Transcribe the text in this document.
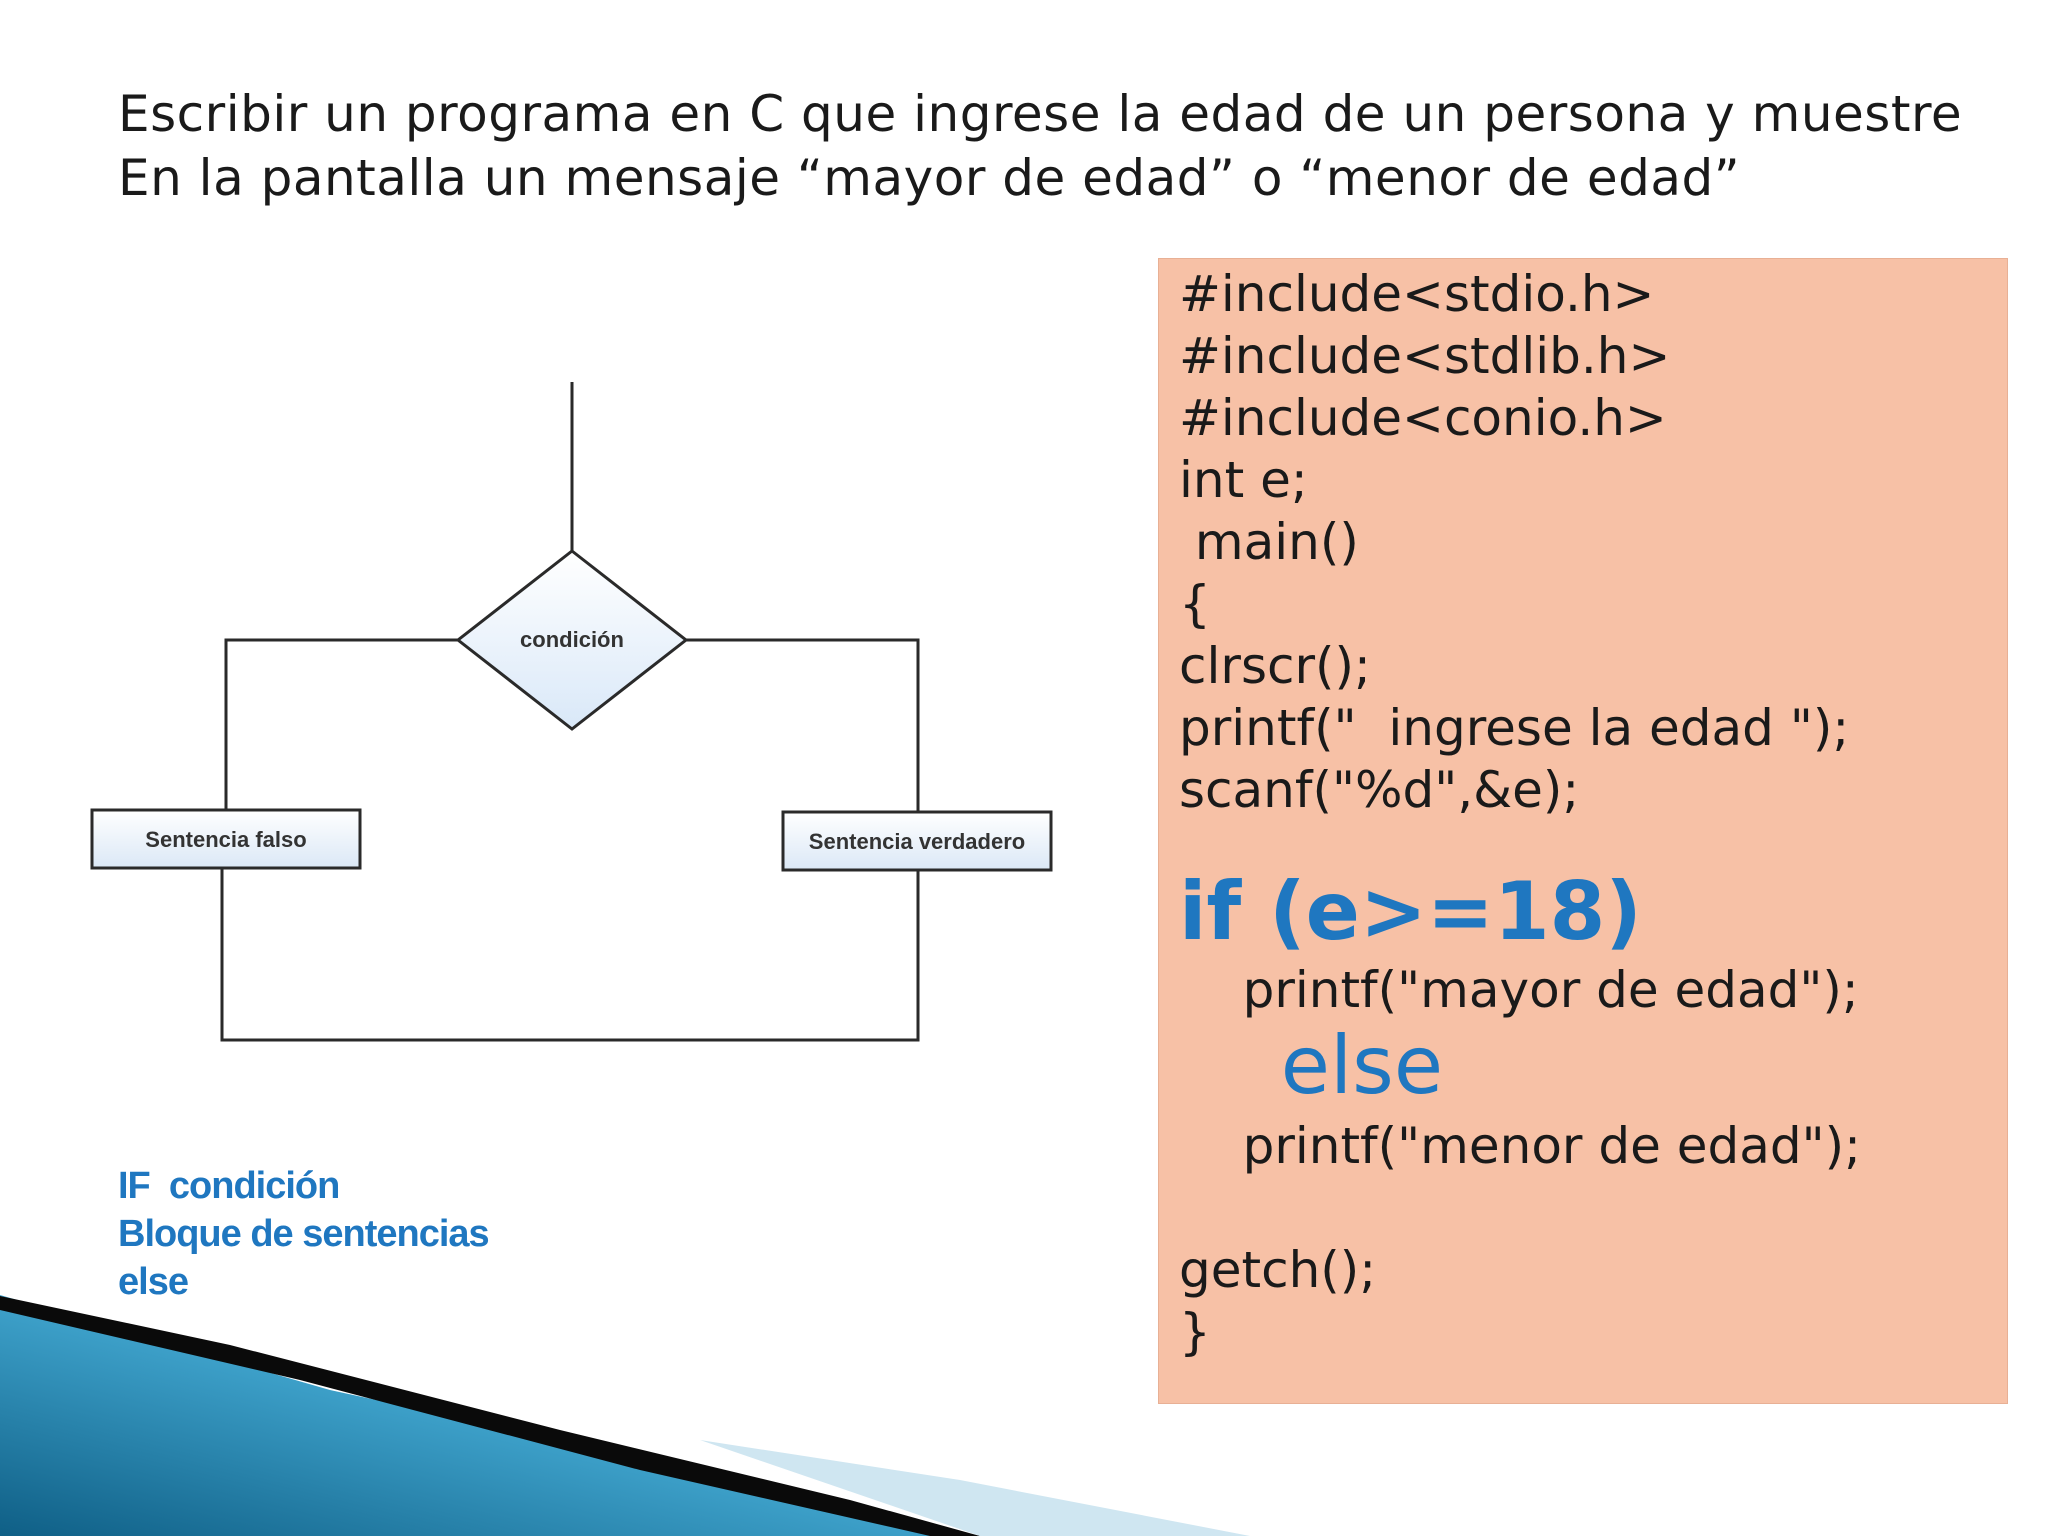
Escribir un programa en C que ingrese la edad de un persona y muestre
En la pantalla un mensaje “mayor de edad” o “menor de edad”
condición
Sentencia falso	Sentencia verdadero
IF  condición
Bloque de sentencias
else
#include<stdio.h>
#include<stdlib.h>
#include<conio.h>
int e;
main()
{
clrscr();
printf("  ingrese la edad ");
scanf("%d",&e);
if (e>=18)
printf("mayor de edad");
else
printf("menor de edad");
getch();
}
